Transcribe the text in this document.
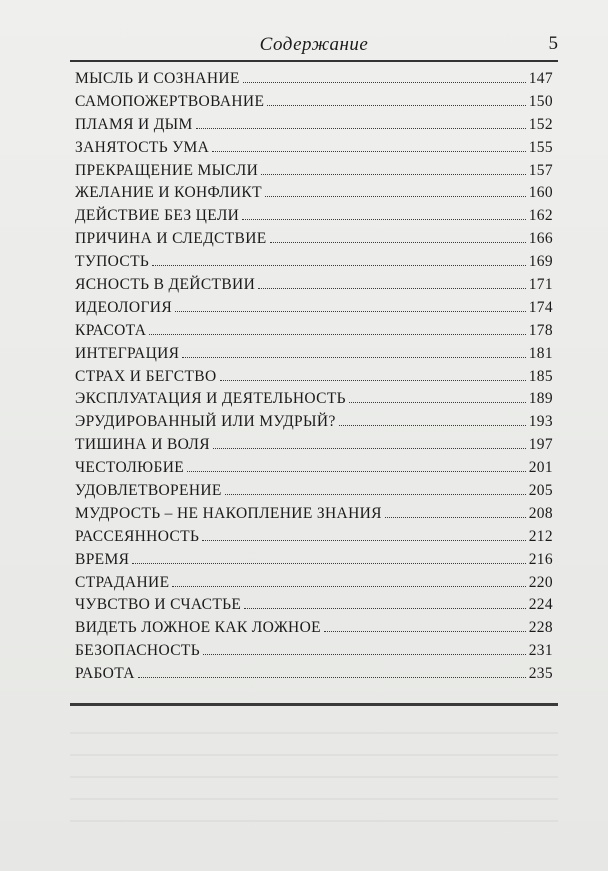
Содержание	5
МЫСЛЬ И СОЗНАНИЕ	147
САМОПОЖЕРТВОВАНИЕ	150
ПЛАМЯ И ДЫМ	152
ЗАНЯТОСТЬ УМА	155
ПРЕКРАЩЕНИЕ МЫСЛИ	157
ЖЕЛАНИЕ И КОНФЛИКТ	160
ДЕЙСТВИЕ БЕЗ ЦЕЛИ	162
ПРИЧИНА И СЛЕДСТВИЕ	166
ТУПОСТЬ	169
ЯСНОСТЬ В ДЕЙСТВИИ	171
ИДЕОЛОГИЯ	174
КРАСОТА	178
ИНТЕГРАЦИЯ	181
СТРАХ И БЕГСТВО	185
ЭКСПЛУАТАЦИЯ И ДЕЯТЕЛЬНОСТЬ	189
ЭРУДИРОВАННЫЙ ИЛИ МУДРЫЙ?	193
ТИШИНА И ВОЛЯ	197
ЧЕСТОЛЮБИЕ	201
УДОВЛЕТВОРЕНИЕ	205
МУДРОСТЬ – НЕ НАКОПЛЕНИЕ ЗНАНИЯ	208
РАССЕЯННОСТЬ	212
ВРЕМЯ	216
СТРАДАНИЕ	220
ЧУВСТВО И СЧАСТЬЕ	224
ВИДЕТЬ ЛОЖНОЕ КАК ЛОЖНОЕ	228
БЕЗОПАСНОСТЬ	231
РАБОТА	235
